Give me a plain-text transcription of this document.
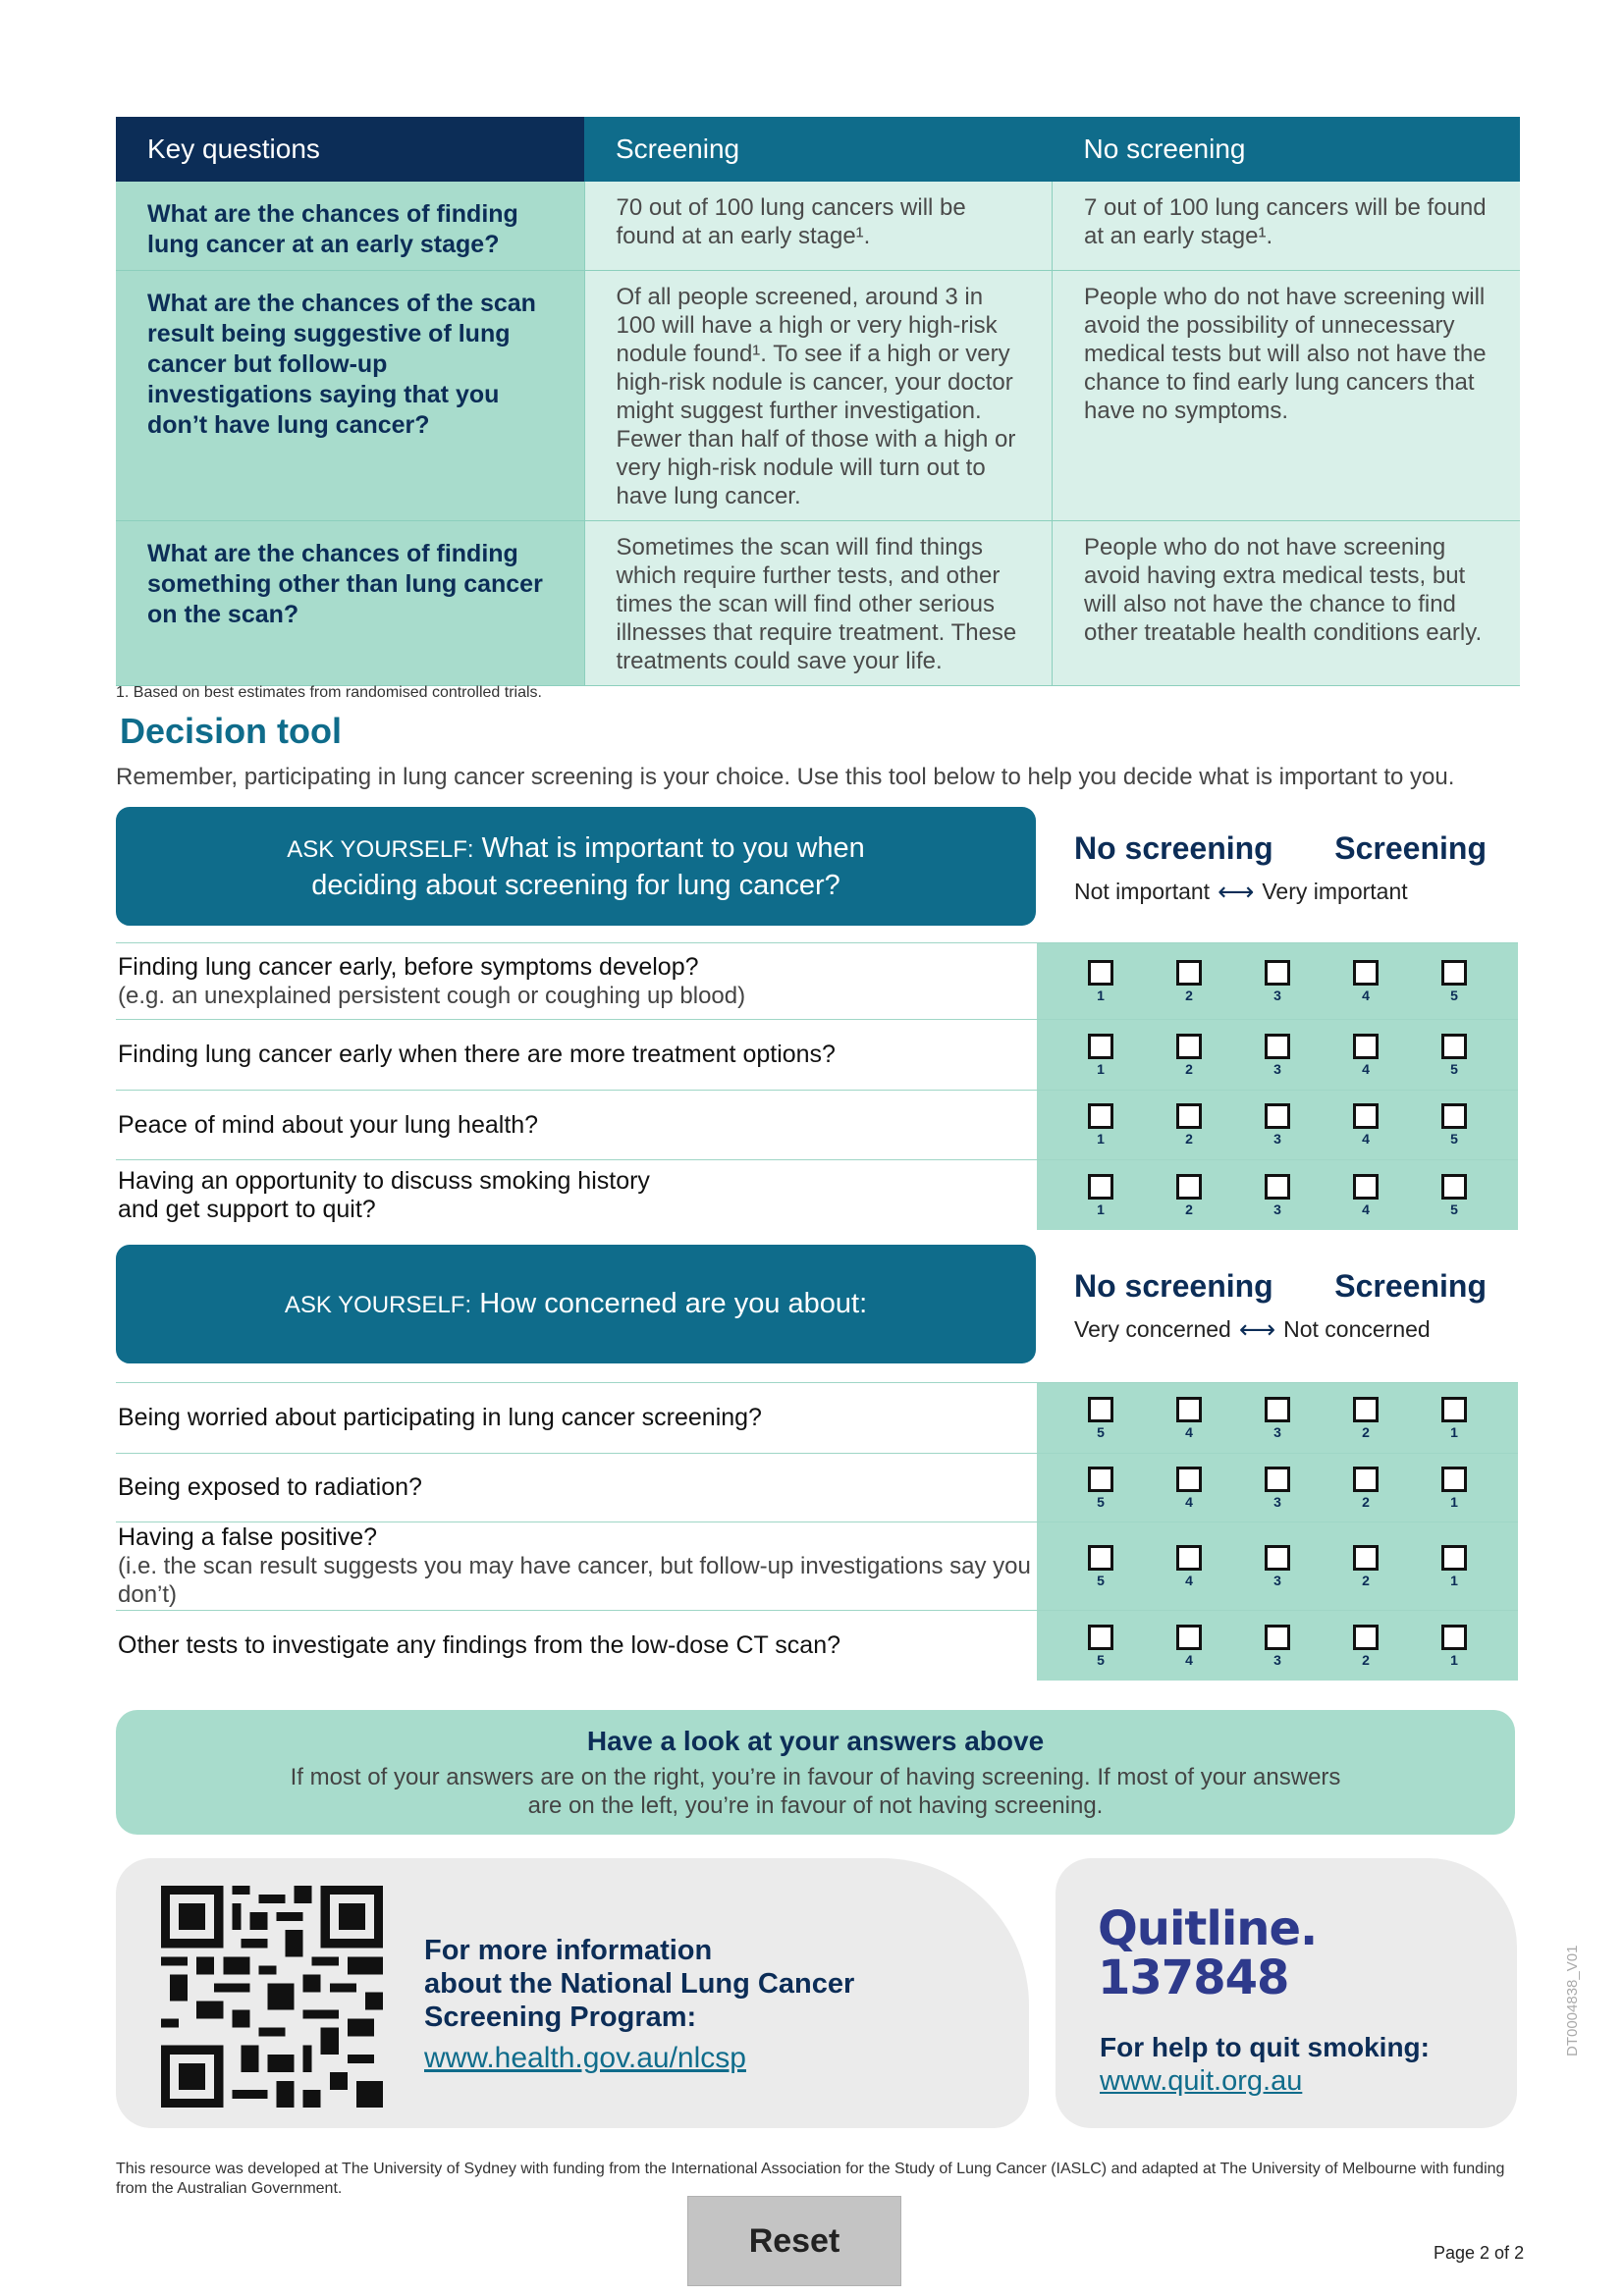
Key questions	Screening	No screening
What are the chances of finding lung cancer at an early stage?	70 out of 100 lung cancers will be found at an early stage¹.	7 out of 100 lung cancers will be found at an early stage¹.
What are the chances of the scan result being suggestive of lung cancer but follow-up investigations saying that you don’t have lung cancer?	Of all people screened, around 3 in 100 will have a high or very high-risk nodule found¹. To see if a high or very high-risk nodule is cancer, your doctor might suggest further investigation. Fewer than half of those with a high or very high-risk nodule will turn out to have lung cancer.	People who do not have screening will avoid the possibility of unnecessary medical tests but will also not have the chance to find early lung cancers that have no symptoms.
What are the chances of finding something other than lung cancer on the scan?	Sometimes the scan will find things which require further tests, and other times the scan will find other serious illnesses that require treatment. These treatments could save your life.	People who do not have screening avoid having extra medical tests, but will also not have the chance to find other treatable health conditions early.
1. Based on best estimates from randomised controlled trials.
Decision tool
Remember, participating in lung cancer screening is your choice. Use this tool below to help you decide what is important to you.
ASK YOURSELF: What is important to you when
deciding about screening for lung cancer?
No screening Screening
Not important ⟷ Very important
Finding lung cancer early, before symptoms develop?
(e.g. an unexplained persistent cough or coughing up blood)	1	2	3	4	5
Finding lung cancer early when there are more treatment options?
1	2	3	4	5
Peace of mind about your lung health?
1	2	3	4	5
Having an opportunity to discuss smoking history
and get support to quit?	1	2	3	4	5
ASK YOURSELF: How concerned are you about:	No screening Screening
Very concerned ⟷ Not concerned
Being worried about participating in lung cancer screening?
5	4	3	2	1
Being exposed to radiation?
5	4	3	2	1
Having a false positive?
(i.e. the scan result suggests you may have cancer, but follow-up investigations say you don’t)
5	4	3	2	1
Other tests to investigate any findings from the low-dose CT scan?
5	4	3	2	1
Have a look at your answers above
If most of your answers are on the right, you’re in favour of having screening. If most of your answers
are on the left, you’re in favour of not having screening.
For more information
about the National Lung Cancer
Screening Program:
www.health.gov.au/nlcsp
Quitline.
137848
For help to quit smoking:
www.quit.org.au
DT0004838_V01
This resource was developed at The University of Sydney with funding from the International Association for the Study of Lung Cancer (IASLC) and adapted at The University of Melbourne with funding from the Australian Government.
Reset	Page 2 of 2
